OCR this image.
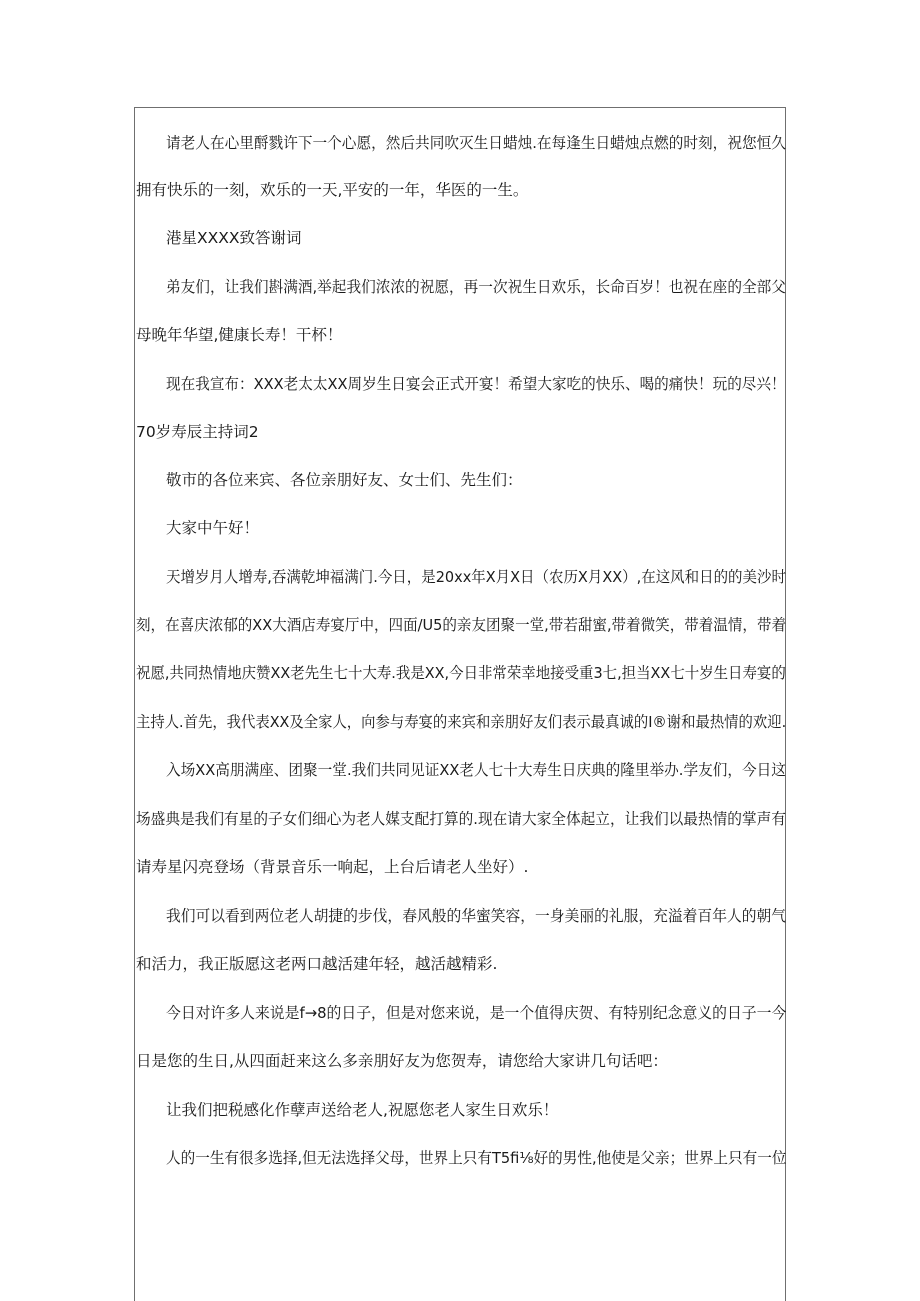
请老人在心里酹戮许下一个心愿，然后共同吹灭生日蜡烛.在每逢生日蜡烛点燃的时刻，祝您恒久
拥有快乐的一刻，欢乐的一天,平安的一年，华医的一生。
港星XXXX致答谢词
弟友们，让我们斟满酒,举起我们浓浓的祝愿，再一次祝生日欢乐，长命百岁！也祝在座的全部父
母晚年华望,健康长寿！干杯！
现在我宣布：XXX老太太XX周岁生日宴会正式开宴！希望大家吃的快乐、喝的痛快！玩的尽兴！
70岁寿辰主持词2
敬市的各位来宾、各位亲朋好友、女士们、先生们：
大家中午好！
天增岁月人增寿,吞满乾坤福满门.今日，是20xx年X月X日（农历X月XX）,在这风和日的的美沙时
刻，在喜庆浓郁的XX大酒店寿宴厅中，四面/U5的亲友团聚一堂,带若甜蜜,带着微笑，带着温情，带着
祝愿,共同热情地庆赞XX老先生七十大寿.我是XX,今日非常荣幸地接受重3七,担当XX七十岁生日寿宴的
主持人.首先，我代表XX及全家人，向参与寿宴的来宾和亲朋好友们表示最真诚的I®谢和最热情的欢迎.
入场XX高朋满座、团聚一堂.我们共同见证XX老人七十大寿生日庆典的隆里举办.学友们，今日这
场盛典是我们有星的子女们细心为老人媒支配打算的.现在请大家全体起立，让我们以最热情的掌声有
请寿星闪亮登场（背景音乐一响起，上台后请老人坐好）.
我们可以看到两位老人胡捷的步伐，春风般的华蜜笑容，一身美丽的礼服，充溢着百年人的朝气
和活力，我正版愿这老两口越活建年轻，越活越精彩.
今日对许多人来说是f→8的日子，但是对您来说，是一个值得庆贺、有特别纪念意义的日子一今
日是您的生日,从四面赶来这么多亲朋好友为您贺寿，请您给大家讲几句话吧：
让我们把税感化作孽声送给老人,祝愿您老人家生日欢乐！
人的一生有很多选择,但无法选择父母，世界上只有T5fi⅛好的男性,他使是父亲；世界上只有一位
